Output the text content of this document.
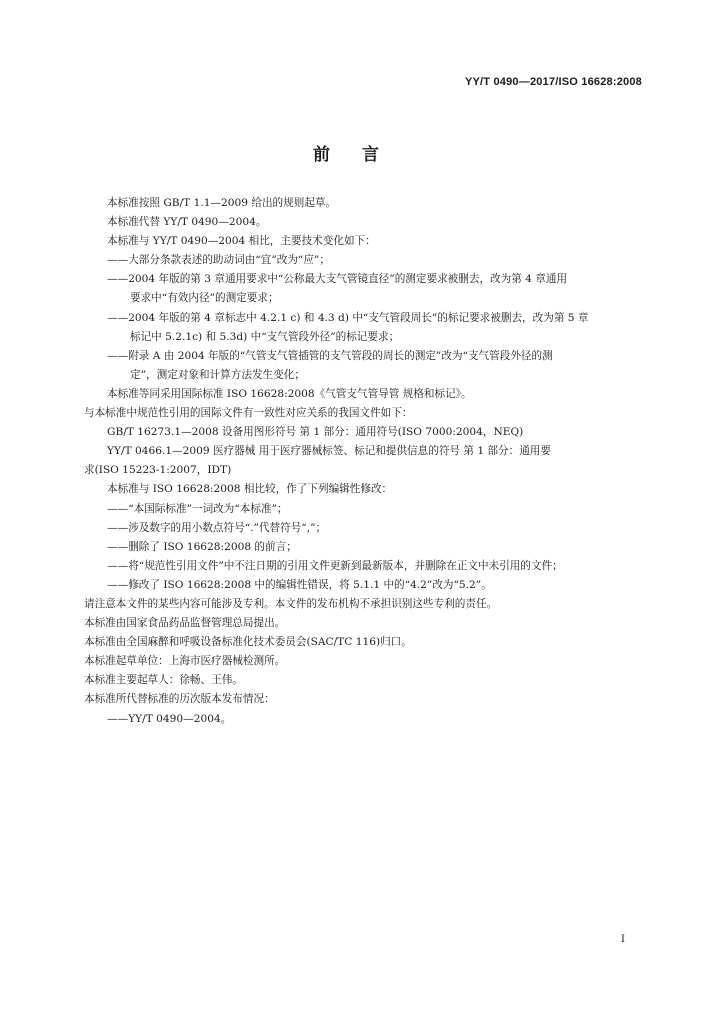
YY/T 0490—2017/ISO 16628:2008
前言
本标准按照 GB/T 1.1—2009 给出的规则起草。
本标准代替 YY/T 0490—2004。
本标准与 YY/T 0490—2004 相比，主要技术变化如下：
——大部分条款表述的助动词由“宜”改为“应”；
——2004 年版的第 3 章通用要求中“公称最大支气管镜直径”的测定要求被删去，改为第 4 章通用
要求中“有效内径”的测定要求；
——2004 年版的第 4 章标志中 4.2.1 c) 和 4.3 d) 中“支气管段周长”的标记要求被删去，改为第 5 章
标记中 5.2.1c) 和 5.3d) 中“支气管段外径”的标记要求；
——附录 A 由 2004 年版的“气管支气管插管的支气管段的周长的测定”改为“支气管段外径的测
定”，测定对象和计算方法发生变化；
本标准等同采用国际标准 ISO 16628:2008《气管支气管导管 规格和标记》。
与本标准中规范性引用的国际文件有一致性对应关系的我国文件如下：
GB/T 16273.1—2008 设备用图形符号 第 1 部分：通用符号(ISO 7000:2004，NEQ)
YY/T 0466.1—2009 医疗器械 用于医疗器械标签、标记和提供信息的符号 第 1 部分：通用要
求(ISO 15223-1:2007，IDT)
本标准与 ISO 16628:2008 相比较，作了下列编辑性修改：
——“本国际标准”一词改为“本标准”；
——涉及数字的用小数点符号“.”代替符号“,”；
——删除了 ISO 16628:2008 的前言；
——将“规范性引用文件”中不注日期的引用文件更新到最新版本，并删除在正文中未引用的文件；
——修改了 ISO 16628:2008 中的编辑性错误，将 5.1.1 中的“4.2”改为“5.2”。
请注意本文件的某些内容可能涉及专利。本文件的发布机构不承担识别这些专利的责任。
本标准由国家食品药品监督管理总局提出。
本标准由全国麻醉和呼吸设备标准化技术委员会(SAC/TC 116)归口。
本标准起草单位：上海市医疗器械检测所。
本标准主要起草人：徐畅、王伟。
本标准所代替标准的历次版本发布情况：
——YY/T 0490—2004。
I
